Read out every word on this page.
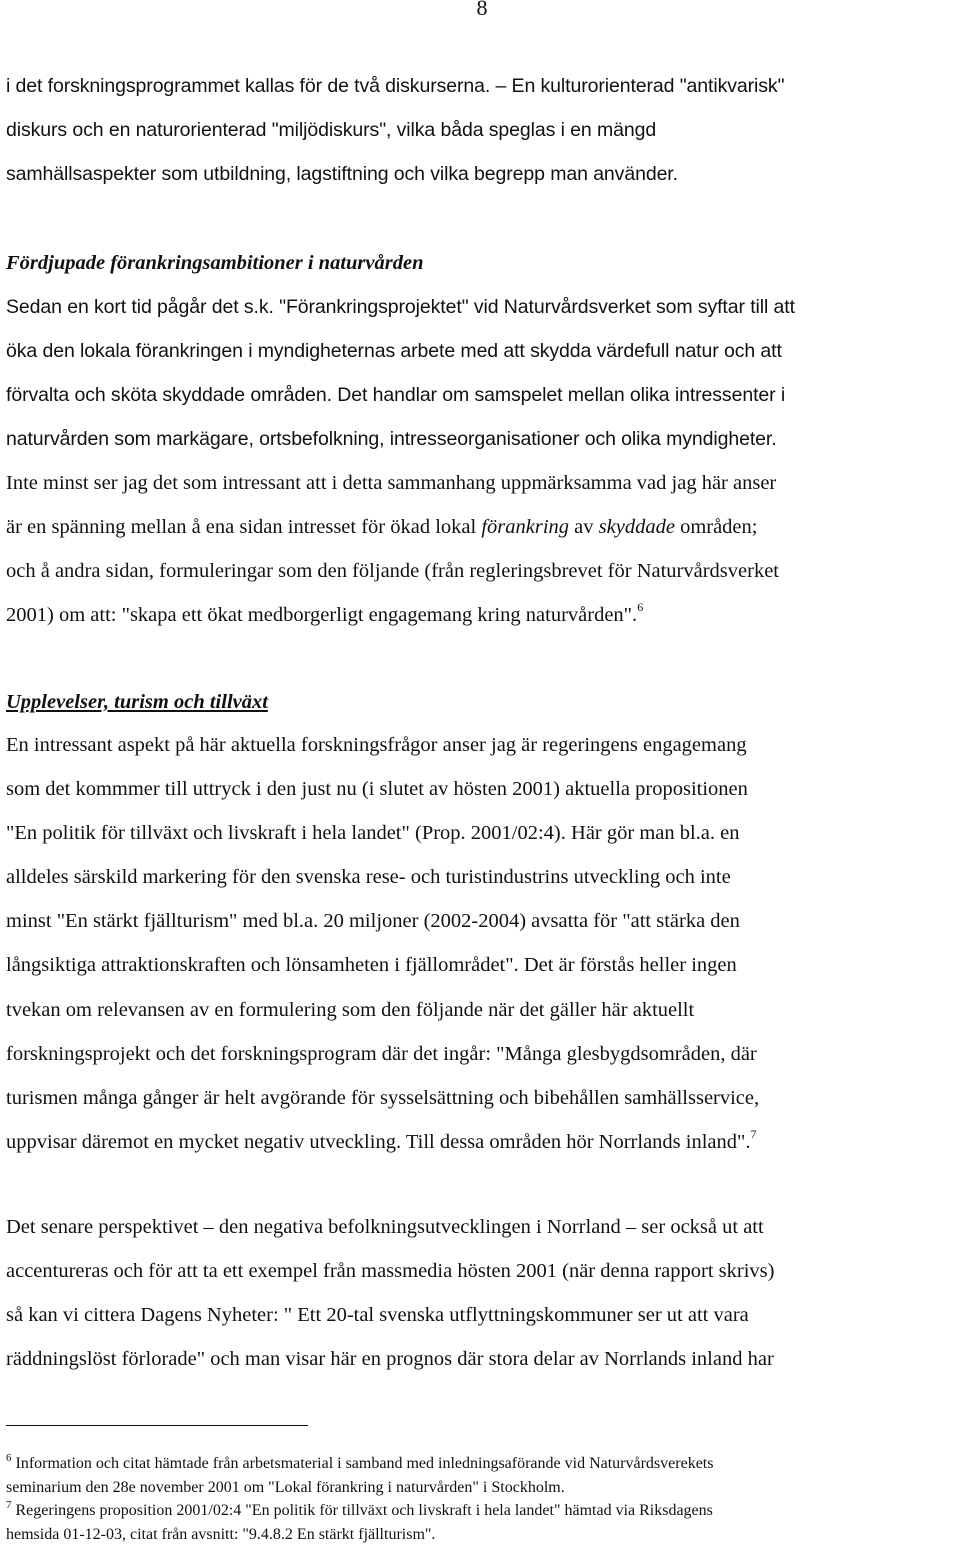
8
i det forskningsprogrammet kallas för de två diskurserna. – En kulturorienterad "antikvarisk"
diskurs och en naturorienterad "miljödiskurs", vilka båda speglas i en mängd
samhällsaspekter som utbildning, lagstiftning och vilka begrepp man använder.
Fördjupade förankringsambitioner i naturvården
Sedan en kort tid pågår det s.k. "Förankringsprojektet" vid Naturvårdsverket som syftar till att
öka den lokala förankringen i myndigheternas arbete med att skydda värdefull natur och att
förvalta och sköta skyddade områden. Det handlar om samspelet mellan olika intressenter i
naturvården som markägare, ortsbefolkning, intresseorganisationer och olika myndigheter.
Inte minst ser jag det som intressant att i detta sammanhang uppmärksamma vad jag här anser
är en spänning mellan å ena sidan intresset för ökad lokal förankring av skyddade områden;
och å andra sidan, formuleringar som den följande (från regleringsbrevet för Naturvårdsverket
2001) om att: "skapa ett ökat medborgerligt engagemang kring naturvården".$^6$
Upplevelser, turism och tillväxt
En intressant aspekt på här aktuella forskningsfrågor anser jag är regeringens engagemang
som det kommmer till uttryck i den just nu (i slutet av hösten 2001) aktuella propositionen
"En politik för tillväxt och livskraft i hela landet" (Prop. 2001/02:4). Här gör man bl.a. en
alldeles särskild markering för den svenska rese- och turistindustrins utveckling och inte
minst "En stärkt fjällturism" med bl.a. 20 miljoner (2002-2004) avsatta för "att stärka den
långsiktiga attraktionskraften och lönsamheten i fjällområdet". Det är förstås heller ingen
tvekan om relevansen av en formulering som den följande när det gäller här aktuellt
forskningsprojekt och det forskningsprogram där det ingår: "Många glesbygdsområden, där
turismen många gånger är helt avgörande för sysselsättning och bibehållen samhällsservice,
uppvisar däremot en mycket negativ utveckling. Till dessa områden hör Norrlands inland".$^7$
Det senare perspektivet – den negativa befolkningsutvecklingen i Norrland – ser också ut att
accentureras och för att ta ett exempel från massmedia hösten 2001 (när denna rapport skrivs)
så kan vi cittera Dagens Nyheter: " Ett 20-tal svenska utflyttningskommuner ser ut att vara
räddningslöst förlorade" och man visar här en prognos där stora delar av Norrlands inland har
$^6$ Information och citat hämtade från arbetsmaterial i samband med inledningsaförande vid Naturvårdsverekets
seminarium den 28e november 2001 om "Lokal förankring i naturvården" i Stockholm.
$^7$ Regeringens proposition 2001/02:4 "En politik för tillväxt och livskraft i hela landet" hämtad via Riksdagens
hemsida 01-12-03, citat från avsnitt: "9.4.8.2 En stärkt fjällturism".
